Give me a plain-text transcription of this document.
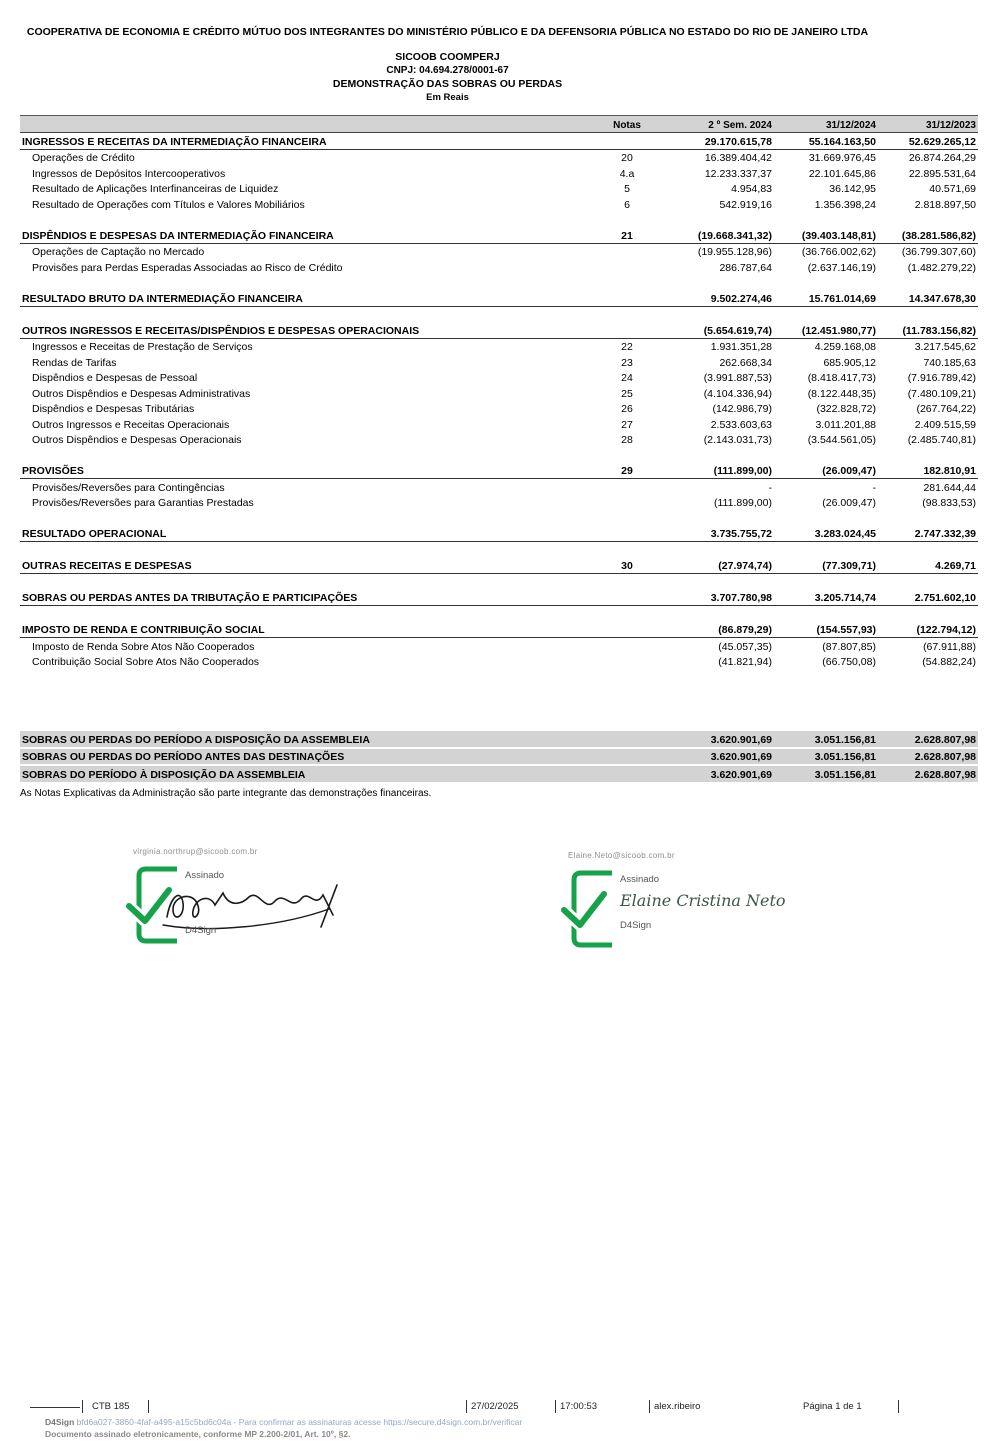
COOPERATIVA DE ECONOMIA E CRÉDITO MÚTUO DOS INTEGRANTES DO MINISTÉRIO PÚBLICO E DA DEFENSORIA PÚBLICA NO ESTADO DO RIO DE JANEIRO LTDA
SICOOB COOMPERJ
CNPJ: 04.694.278/0001-67
DEMONSTRAÇÃO DAS SOBRAS OU PERDAS
Em Reais
	Notas	2 º Sem. 2024	31/12/2024	31/12/2023
INGRESSOS E RECEITAS DA INTERMEDIAÇÃO FINANCEIRA		29.170.615,78	55.164.163,50	52.629.265,12
Operações de Crédito	20	16.389.404,42	31.669.976,45	26.874.264,29
Ingressos de Depósitos Intercooperativos	4.a	12.233.337,37	22.101.645,86	22.895.531,64
Resultado de Aplicações Interfinanceiras de Liquidez	5	4.954,83	36.142,95	40.571,69
Resultado de Operações com Títulos e Valores Mobiliários	6	542.919,16	1.356.398,24	2.818.897,50

DISPÊNDIOS E DESPESAS DA INTERMEDIAÇÃO FINANCEIRA	21	(19.668.341,32)	(39.403.148,81)	(38.281.586,82)
Operações de Captação no Mercado		(19.955.128,96)	(36.766.002,62)	(36.799.307,60)
Provisões para Perdas Esperadas Associadas ao Risco de Crédito		286.787,64	(2.637.146,19)	(1.482.279,22)

RESULTADO BRUTO DA INTERMEDIAÇÃO FINANCEIRA		9.502.274,46	15.761.014,69	14.347.678,30

OUTROS INGRESSOS E RECEITAS/DISPÊNDIOS E DESPESAS OPERACIONAIS		(5.654.619,74)	(12.451.980,77)	(11.783.156,82)
Ingressos e Receitas de Prestação de Serviços	22	1.931.351,28	4.259.168,08	3.217.545,62
Rendas de Tarifas	23	262.668,34	685.905,12	740.185,63
Dispêndios e Despesas de Pessoal	24	(3.991.887,53)	(8.418.417,73)	(7.916.789,42)
Outros Dispêndios e Despesas Administrativas	25	(4.104.336,94)	(8.122.448,35)	(7.480.109,21)
Dispêndios e Despesas Tributárias	26	(142.986,79)	(322.828,72)	(267.764,22)
Outros Ingressos e Receitas Operacionais	27	2.533.603,63	3.011.201,88	2.409.515,59
Outros Dispêndios e Despesas Operacionais	28	(2.143.031,73)	(3.544.561,05)	(2.485.740,81)

PROVISÕES	29	(111.899,00)	(26.009,47)	182.810,91
Provisões/Reversões para Contingências		-	-	281.644,44
Provisões/Reversões para Garantias Prestadas		(111.899,00)	(26.009,47)	(98.833,53)

RESULTADO OPERACIONAL		3.735.755,72	3.283.024,45	2.747.332,39

OUTRAS RECEITAS E DESPESAS	30	(27.974,74)	(77.309,71)	4.269,71

SOBRAS OU PERDAS ANTES DA TRIBUTAÇÃO E PARTICIPAÇÕES		3.707.780,98	3.205.714,74	2.751.602,10

IMPOSTO DE RENDA E CONTRIBUIÇÃO SOCIAL		(86.879,29)	(154.557,93)	(122.794,12)
Imposto de Renda Sobre Atos Não Cooperados		(45.057,35)	(87.807,85)	(67.911,88)
Contribuição Social Sobre Atos Não Cooperados		(41.821,94)	(66.750,08)	(54.882,24)

SOBRAS OU PERDAS DO PERÍODO A DISPOSIÇÃO DA ASSEMBLEIA		3.620.901,69	3.051.156,81	2.628.807,98
SOBRAS OU PERDAS DO PERÍODO ANTES DAS DESTINAÇÕES		3.620.901,69	3.051.156,81	2.628.807,98
SOBRAS DO PERÍODO À DISPOSIÇÃO DA ASSEMBLEIA		3.620.901,69	3.051.156,81	2.628.807,98
As Notas Explicativas da Administração são parte integrante das demonstrações financeiras.
virginia.northrup@sicoob.com.br
Assinado
D4Sign
Elaine.Neto@sicoob.com.br
Assinado
Elaine Cristina Neto
D4Sign
CTB 185	27/02/2025	17:00:53	alex.ribeiro	Página 1 de 1
D4Sign bfd6a027-3860-4faf-a495-a15c5bd6c04a - Para confirmar as assinaturas acesse https://secure.d4sign.com.br/verificar
Documento assinado eletronicamente, conforme MP 2.200-2/01, Art. 10º, §2.
